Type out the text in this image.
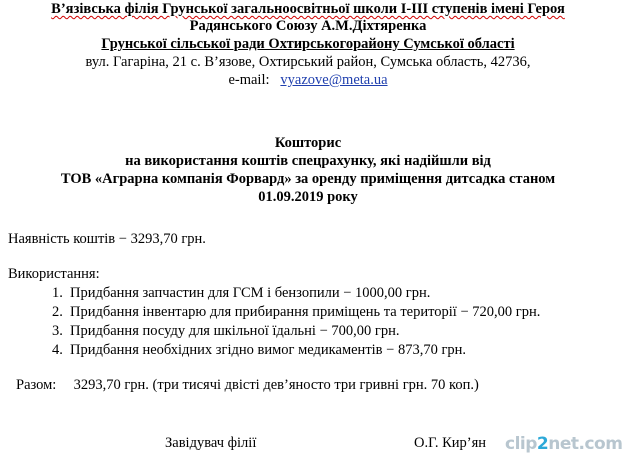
В’язівська філія Грунської загальноосвітньої школи І-ІІІ ступенів імені Героя
Радянського Союзу А.М.Діхтяренка
Грунської сільської ради Охтирськогорайону Сумської області
вул. Гагаріна, 21 с. В’язове, Охтирський район, Сумська область, 42736,
e-mail: vyazove@meta.ua
Кошторис
на використання коштів спецрахунку, які надійшли від
ТОВ «Аграрна компанія Форвард» за оренду приміщення дитсадка станом
01.09.2019 року
Наявність коштів − 3293,70 грн.
Використання:
1. Придбання запчастин для ГСМ і бензопили − 1000,00 грн.
2. Придбання інвентарю для прибирання приміщень та території − 720,00 грн.
3. Придбання посуду для шкільної їдальні − 700,00 грн.
4. Придбання необхідних згідно вимог медикаментів − 873,70 грн.
Разом: 3293,70 грн. (три тисячі двісті дев’яносто три гривні грн. 70 коп.)
Завідувач філії	О.Г. Кир’ян clip2net.com
